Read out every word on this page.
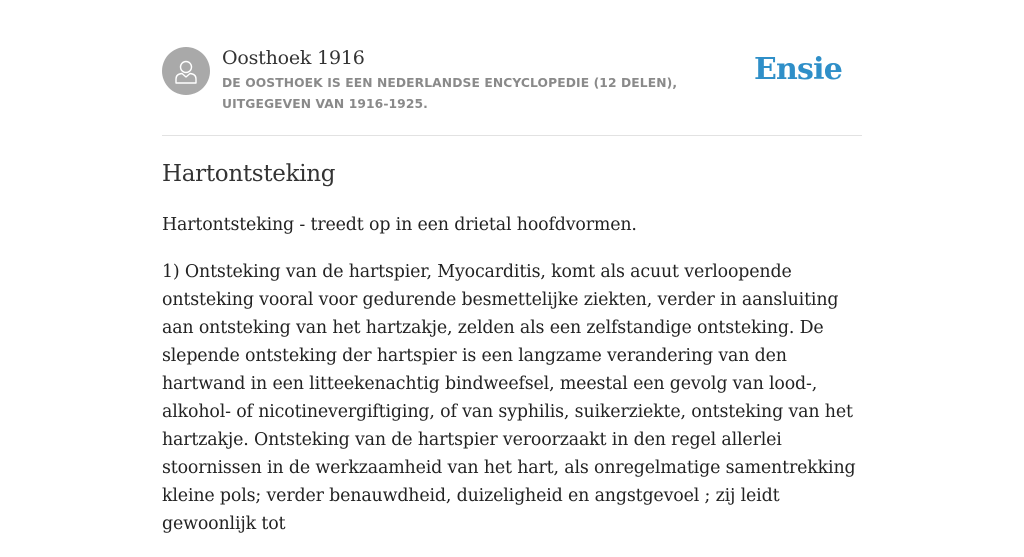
Oosthoek 1916
DE OOSTHOEK IS EEN NEDERLANDSE ENCYCLOPEDIE (12 DELEN), UITGEGEVEN VAN 1916-1925.
Ensie
Hartontsteking

Hartontsteking - treedt op in een drietal hoofdvormen.

1) Ontsteking van de hartspier, Myocarditis, komt als acuut verloopende ontsteking vooral voor gedurende besmettelijke ziekten, verder in aansluiting aan ontsteking van het hartzakje, zelden als een zelfstandige ontsteking. De slepende ontsteking der hartspier is een langzame verandering van den hartwand in een litteekenachtig bindweefsel, meestal een gevolg van lood-, alkohol- of nicotinevergiftiging, of van syphilis, suikerziekte, ontsteking van het hartzakje. Ontsteking van de hartspier veroorzaakt in den regel allerlei stoornissen in de werkzaamheid van het hart, als onregelmatige samentrekking kleine pols; verder benauwdheid, duizeligheid en angstgevoel ; zij leidt gewoonlijk tot
